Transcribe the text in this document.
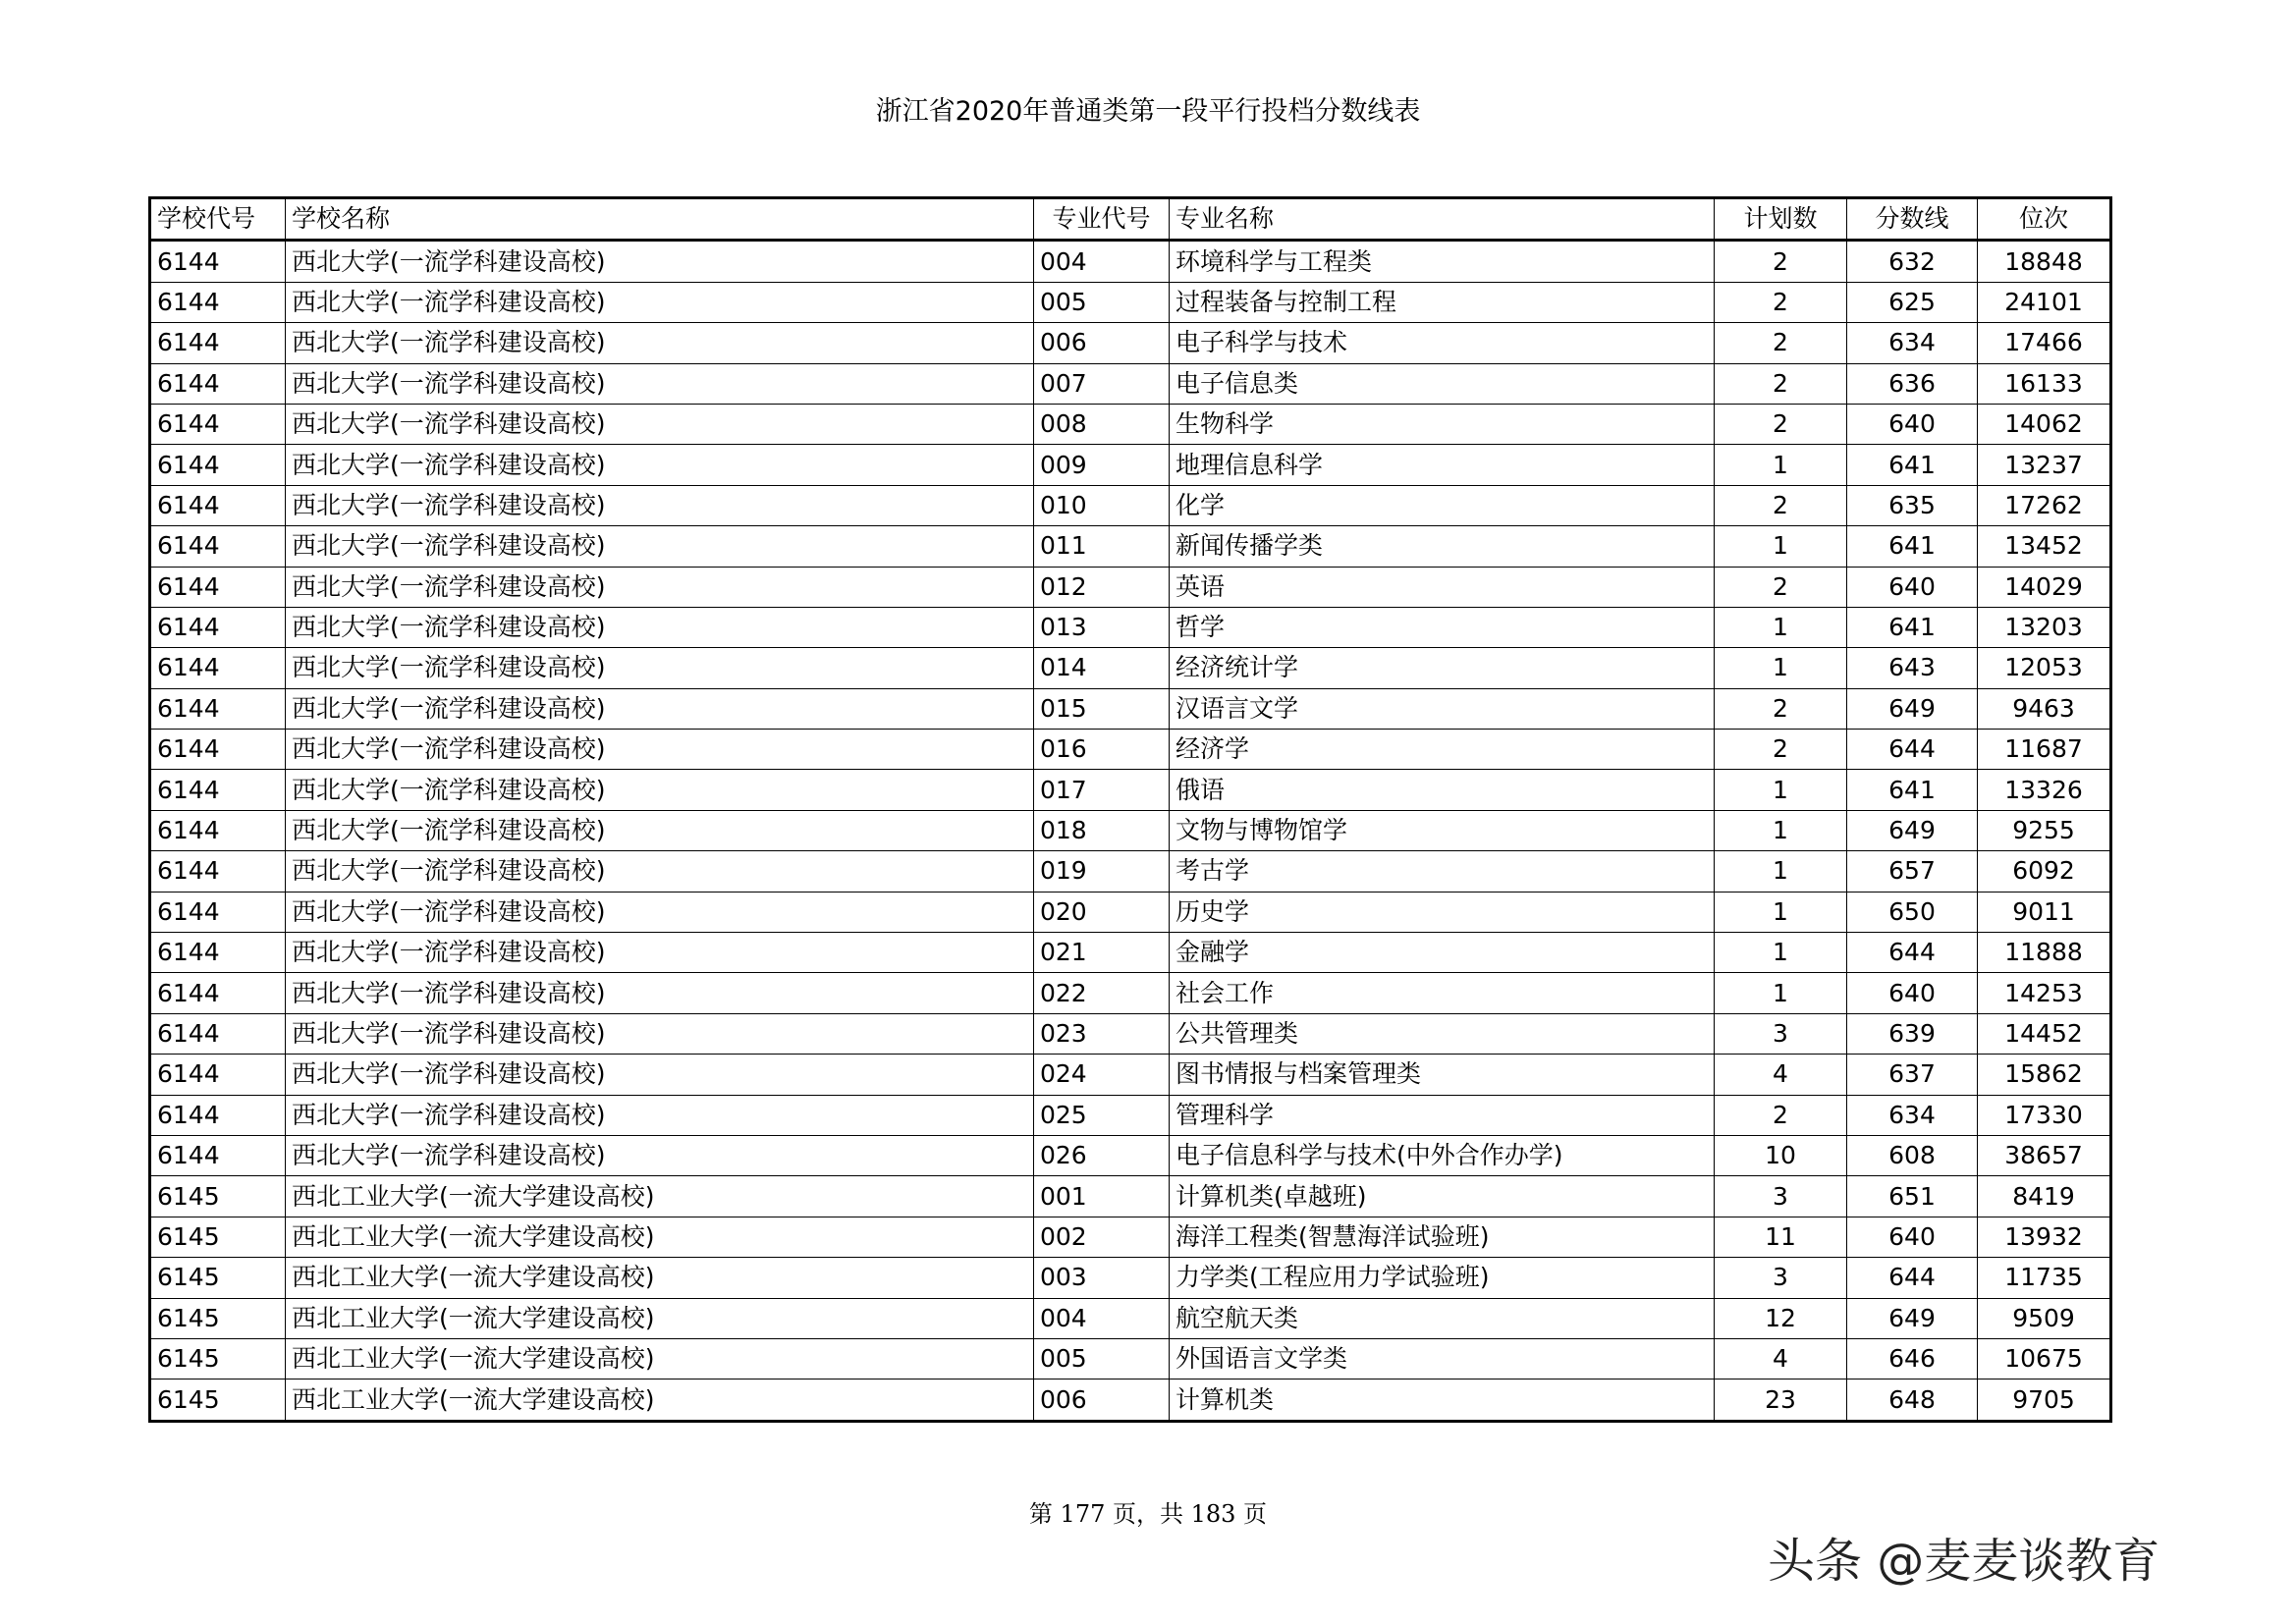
浙江省2020年普通类第一段平行投档分数线表
学校代号	学校名称	专业代号	专业名称	计划数	分数线	位次
6144	西北大学(一流学科建设高校)	004	环境科学与工程类	2	632	18848
6144	西北大学(一流学科建设高校)	005	过程装备与控制工程	2	625	24101
6144	西北大学(一流学科建设高校)	006	电子科学与技术	2	634	17466
6144	西北大学(一流学科建设高校)	007	电子信息类	2	636	16133
6144	西北大学(一流学科建设高校)	008	生物科学	2	640	14062
6144	西北大学(一流学科建设高校)	009	地理信息科学	1	641	13237
6144	西北大学(一流学科建设高校)	010	化学	2	635	17262
6144	西北大学(一流学科建设高校)	011	新闻传播学类	1	641	13452
6144	西北大学(一流学科建设高校)	012	英语	2	640	14029
6144	西北大学(一流学科建设高校)	013	哲学	1	641	13203
6144	西北大学(一流学科建设高校)	014	经济统计学	1	643	12053
6144	西北大学(一流学科建设高校)	015	汉语言文学	2	649	9463
6144	西北大学(一流学科建设高校)	016	经济学	2	644	11687
6144	西北大学(一流学科建设高校)	017	俄语	1	641	13326
6144	西北大学(一流学科建设高校)	018	文物与博物馆学	1	649	9255
6144	西北大学(一流学科建设高校)	019	考古学	1	657	6092
6144	西北大学(一流学科建设高校)	020	历史学	1	650	9011
6144	西北大学(一流学科建设高校)	021	金融学	1	644	11888
6144	西北大学(一流学科建设高校)	022	社会工作	1	640	14253
6144	西北大学(一流学科建设高校)	023	公共管理类	3	639	14452
6144	西北大学(一流学科建设高校)	024	图书情报与档案管理类	4	637	15862
6144	西北大学(一流学科建设高校)	025	管理科学	2	634	17330
6144	西北大学(一流学科建设高校)	026	电子信息科学与技术(中外合作办学)	10	608	38657
6145	西北工业大学(一流大学建设高校)	001	计算机类(卓越班)	3	651	8419
6145	西北工业大学(一流大学建设高校)	002	海洋工程类(智慧海洋试验班)	11	640	13932
6145	西北工业大学(一流大学建设高校)	003	力学类(工程应用力学试验班)	3	644	11735
6145	西北工业大学(一流大学建设高校)	004	航空航天类	12	649	9509
6145	西北工业大学(一流大学建设高校)	005	外国语言文学类	4	646	10675
6145	西北工业大学(一流大学建设高校)	006	计算机类	23	648	9705
第 177 页，共 183 页
头条 @麦麦谈教育
